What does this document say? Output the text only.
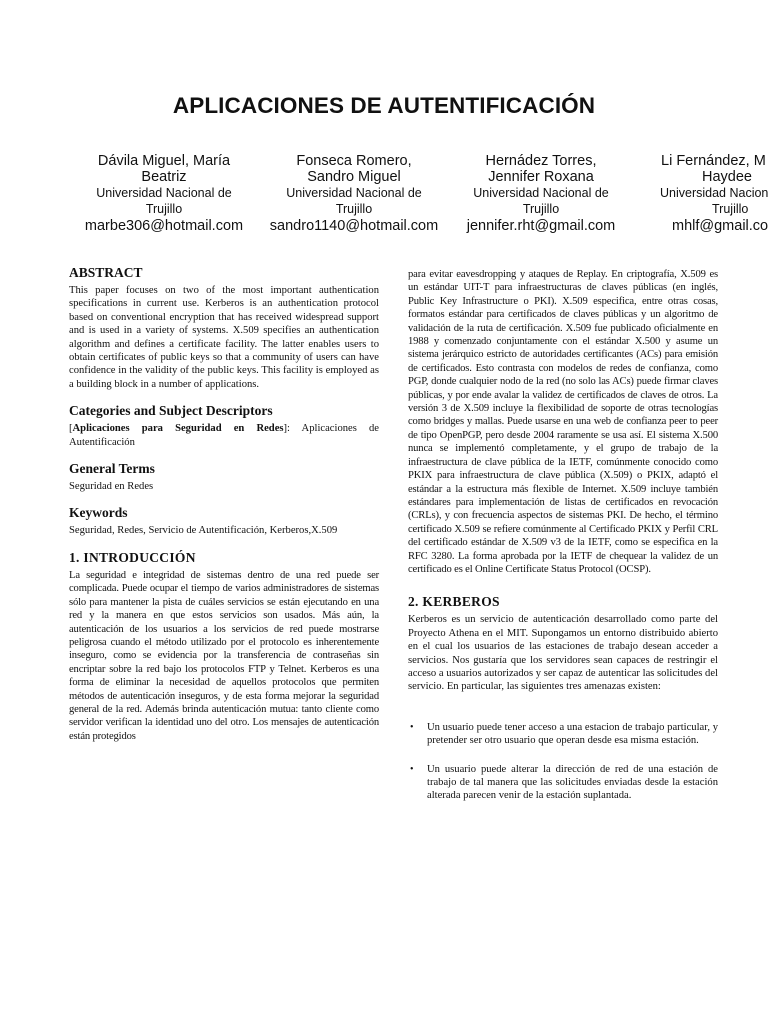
APLICACIONES DE AUTENTIFICACIÓN
Dávila Miguel, María
Beatriz
Universidad Nacional de
Trujillo
marbe306@hotmail.com
Fonseca Romero,
Sandro Miguel
Universidad Nacional de
Trujillo
sandro1140@hotmail.com
Hernádez Torres,
Jennifer Roxana
Universidad Nacional de
Trujillo
jennifer.rht@gmail.com
Li Fernández, M
Haydee
Universidad Nacion
Trujillo
mhlf@gmail.co
ABSTRACT

This paper focuses on two of the most important authentication specifications in current use. Kerberos is an authentication protocol based on conventional encryption that has received widespread support and is used in a variety of systems. X.509 specifies an authentication algorithm and defines a certificate facility. The latter enables users to obtain certificates of public keys so that a community of users can have confidence in the validity of the public keys. This facility is employed as a building block in a number of applications.

Categories and Subject Descriptors

[Aplicaciones para Seguridad en Redes]: Aplicaciones de Autentificación

General Terms

Seguridad en Redes

Keywords

Seguridad, Redes, Servicio de Autentificación, Kerberos,X.509

1. INTRODUCCIÓN

La seguridad e integridad de sistemas dentro de una red puede ser complicada. Puede ocupar el tiempo de varios administradores de sistemas sólo para mantener la pista de cuáles servicios se están ejecutando en una red y la manera en que estos servicios son usados. Más aún, la autenticación de los usuarios a los servicios de red puede mostrarse peligrosa cuando el método utilizado por el protocolo es inherentemente inseguro, como se evidencia por la transferencia de contraseñas sin encriptar sobre la red bajo los protocolos FTP y Telnet. Kerberos es una forma de eliminar la necesidad de aquellos protocolos que permiten métodos de autenticación inseguros, y de esta forma mejorar la seguridad general de la red. Además brinda autenticación mutua: tanto cliente como servidor verifican la identidad uno del otro. Los mensajes de autenticación están protegidos

para evitar eavesdropping y ataques de Replay. En criptografía, X.509 es un estándar UIT-T para infraestructuras de claves públicas (en inglés, Public Key Infrastructure o PKI). X.509 especifica, entre otras cosas, formatos estándar para certificados de claves públicas y un algoritmo de validación de la ruta de certificación. X.509 fue publicado oficialmente en 1988 y comenzado conjuntamente con el estándar X.500 y asume un sistema jerárquico estricto de autoridades certificantes (ACs) para emisión de certificados. Esto contrasta con modelos de redes de confianza, como PGP, donde cualquier nodo de la red (no solo las ACs) puede firmar claves públicas, y por ende avalar la validez de certificados de claves de otros. La versión 3 de X.509 incluye la flexibilidad de soporte de otras tecnologías como bridges y mallas. Puede usarse en una web de confianza peer to peer de tipo OpenPGP, pero desde 2004 raramente se usa así. El sistema X.500 nunca se implementó completamente, y el grupo de trabajo de la infraestructura de clave pública de la IETF, comúnmente conocido como PKIX para infraestructura de clave pública (X.509) o PKIX, adaptó el estándar a la estructura más flexible de Internet. X.509 incluye también estándares para implementación de listas de certificados en revocación (CRLs), y con frecuencia aspectos de sistemas PKI. De hecho, el término certificado X.509 se refiere comúnmente al Certificado PKIX y Perfil CRL del certificado estándar de X.509 v3 de la IETF, como se especifica en la RFC 3280. La forma aprobada por la IETF de chequear la validez de un certificado es el Online Certificate Status Protocol (OCSP).

2. KERBEROS

Kerberos es un servicio de autenticación desarrollado como parte del Proyecto Athena en el MIT. Supongamos un entorno distribuido abierto en el cual los usuarios de las estaciones de trabajo desean acceder a servicios. Nos gustaría que los servidores sean capaces de restringir el acceso a usuarios autorizados y ser capaz de autenticar las solicitudes del servicio. En particular, las siguientes tres amenazas existen:

• Un usuario puede tener acceso a una estacion de trabajo particular, y pretender ser otro usuario que operan desde esa misma estación.
• Un usuario puede alterar la dirección de red de una estación de trabajo de tal manera que las solicitudes enviadas desde la estación alterada parecen venir de la estación suplantada.
